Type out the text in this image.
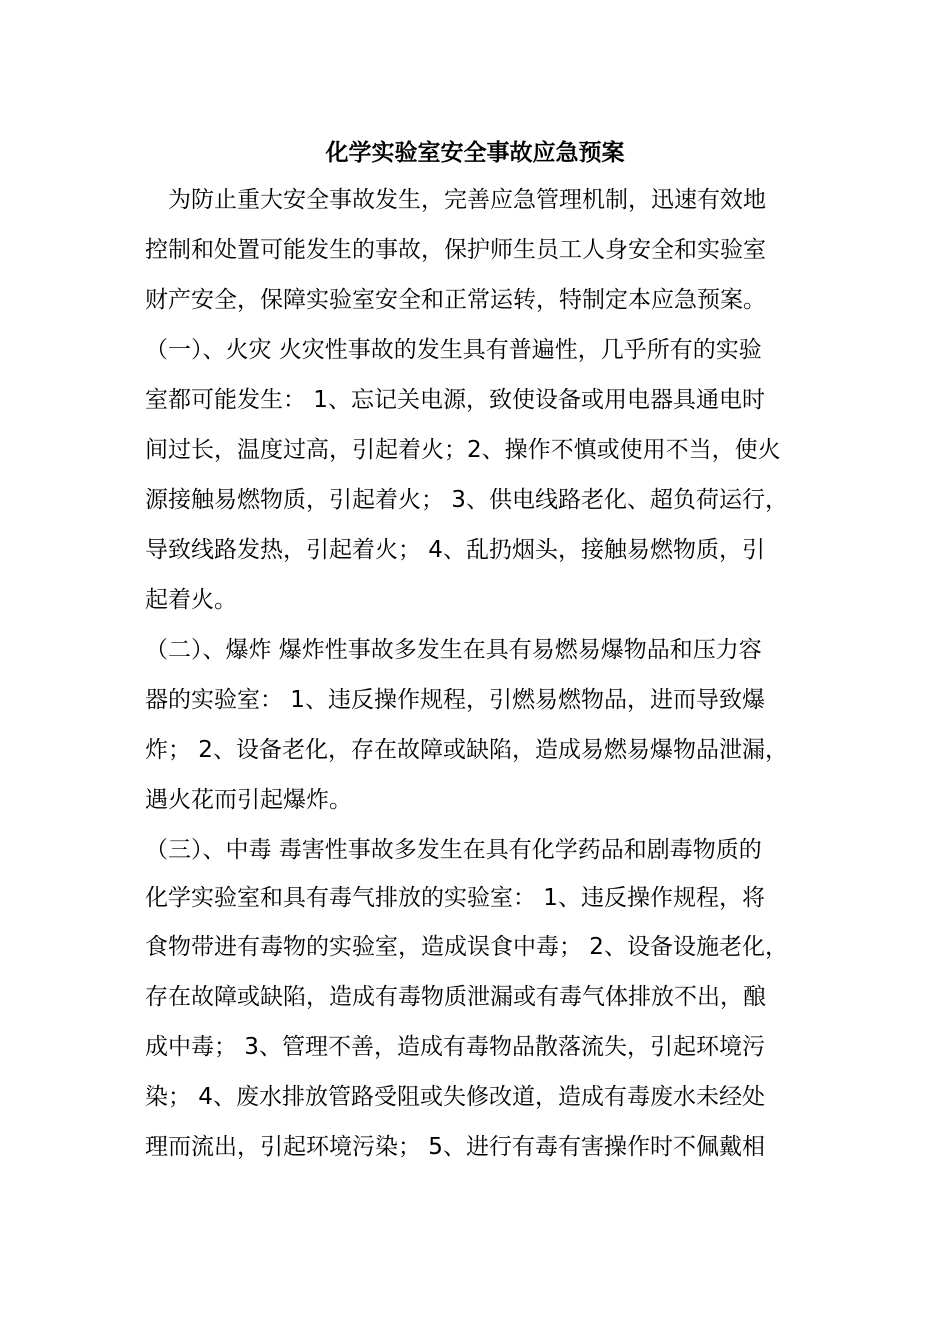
化学实验室安全事故应急预案
　为防止重大安全事故发生，完善应急管理机制，迅速有效地
控制和处置可能发生的事故，保护师生员工人身安全和实验室
财产安全，保障实验室安全和正常运转，特制定本应急预案。
（一）、火灾 火灾性事故的发生具有普遍性，几乎所有的实验
室都可能发生： 1、忘记关电源，致使设备或用电器具通电时
间过长，温度过高，引起着火；2、操作不慎或使用不当，使火
源接触易燃物质，引起着火； 3、供电线路老化、超负荷运行，
导致线路发热，引起着火； 4、乱扔烟头，接触易燃物质，引
起着火。
（二）、爆炸 爆炸性事故多发生在具有易燃易爆物品和压力容
器的实验室： 1、违反操作规程，引燃易燃物品，进而导致爆
炸； 2、设备老化，存在故障或缺陷，造成易燃易爆物品泄漏，
遇火花而引起爆炸。
（三）、中毒 毒害性事故多发生在具有化学药品和剧毒物质的
化学实验室和具有毒气排放的实验室： 1、违反操作规程，将
食物带进有毒物的实验室，造成误食中毒； 2、设备设施老化，
存在故障或缺陷，造成有毒物质泄漏或有毒气体排放不出，酿
成中毒； 3、管理不善，造成有毒物品散落流失，引起环境污
染； 4、废水排放管路受阻或失修改道，造成有毒废水未经处
理而流出，引起环境污染； 5、进行有毒有害操作时不佩戴相
